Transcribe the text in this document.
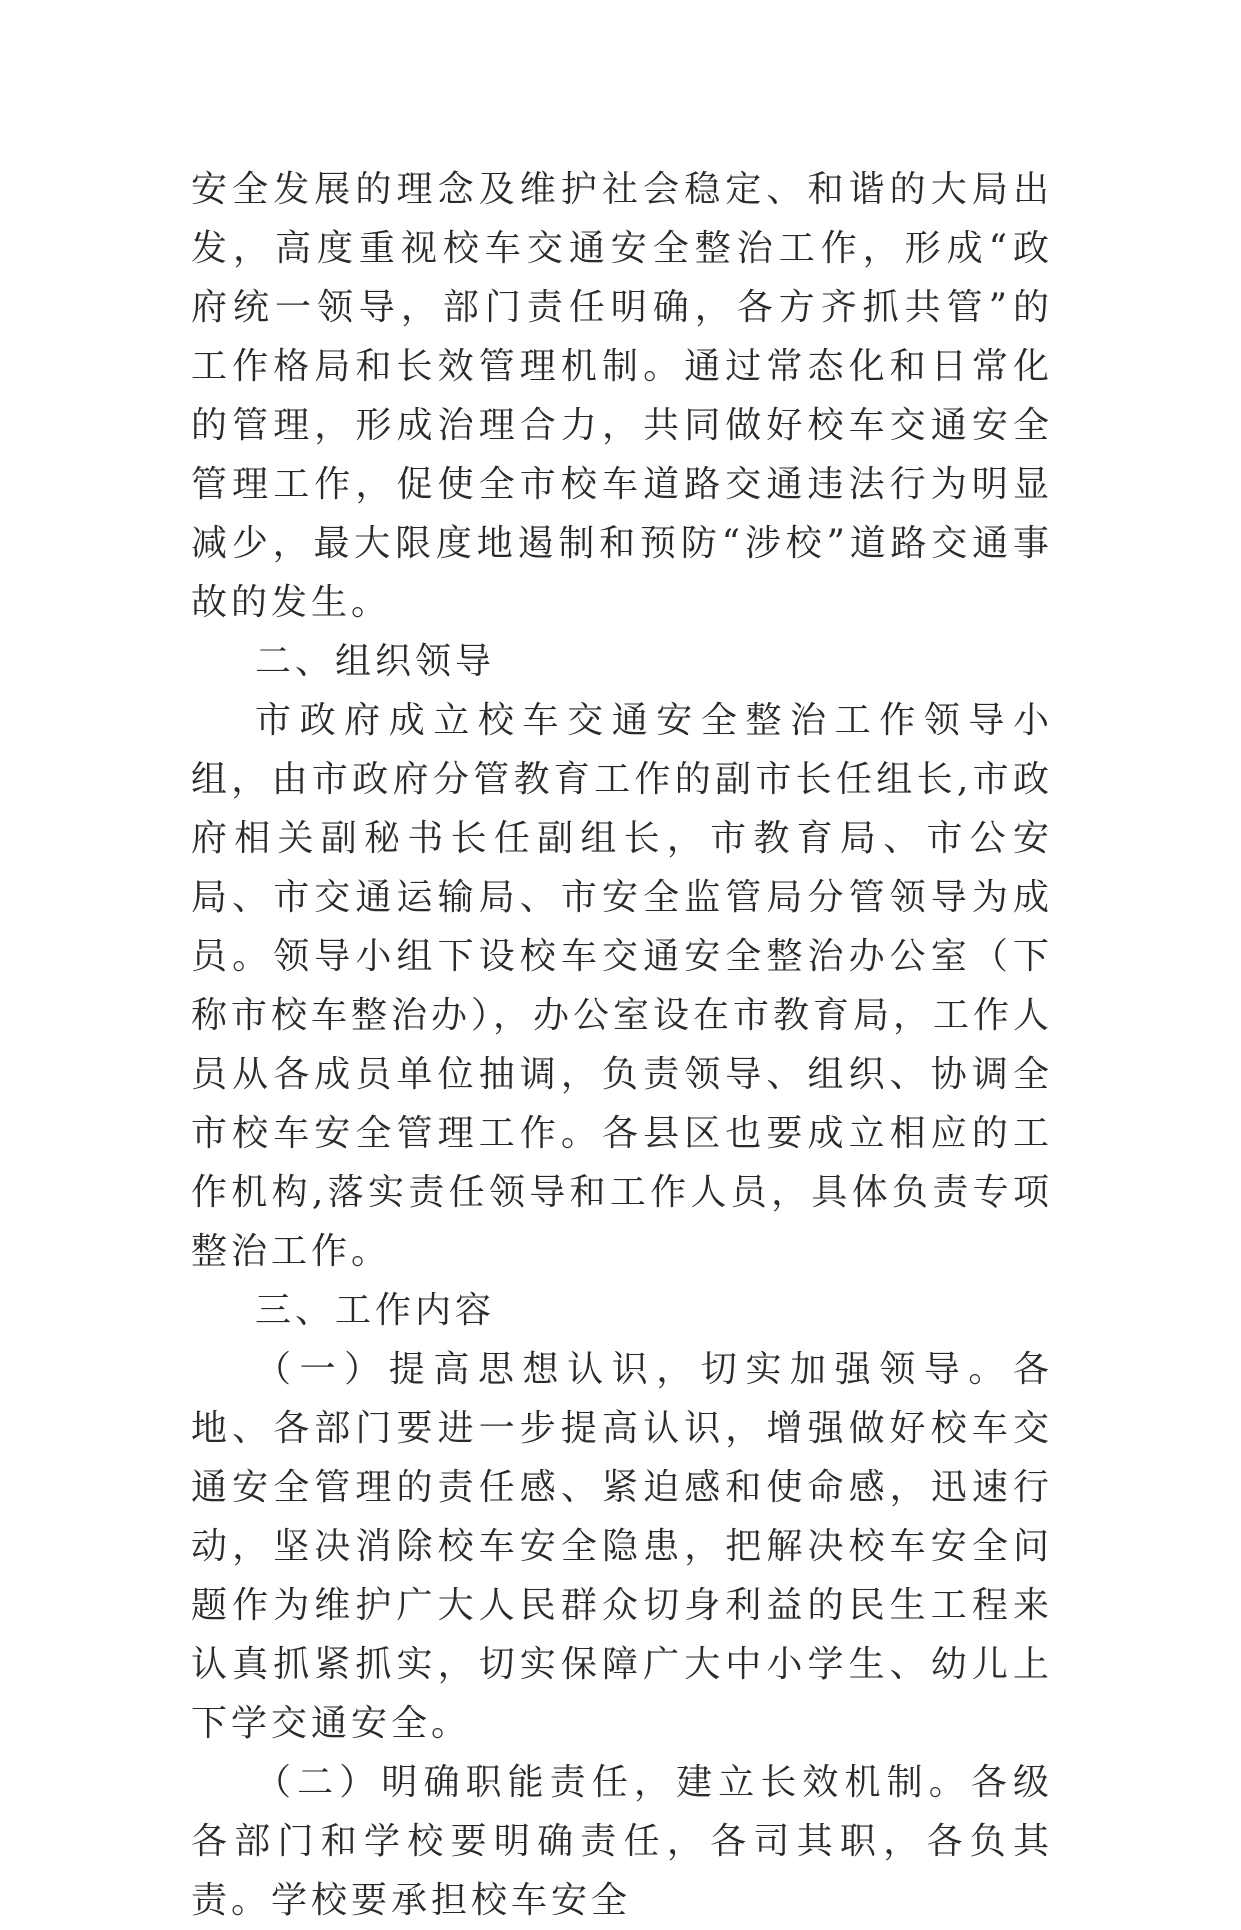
安全发展的理念及维护社会稳定、和谐的大局出发，高度重视校车交通安全整治工作，形成“政府统一领导，部门责任明确，各方齐抓共管”的工作格局和长效管理机制。通过常态化和日常化的管理，形成治理合力，共同做好校车交通安全管理工作，促使全市校车道路交通违法行为明显减少，最大限度地遏制和预防“涉校”道路交通事故的发生。

二、组织领导

市政府成立校车交通安全整治工作领导小组，由市政府分管教育工作的副市长任组长,市政府相关副秘书长任副组长，市教育局、市公安局、市交通运输局、市安全监管局分管领导为成员。领导小组下设校车交通安全整治办公室（下称市校车整治办），办公室设在市教育局，工作人员从各成员单位抽调，负责领导、组织、协调全市校车安全管理工作。各县区也要成立相应的工作机构,落实责任领导和工作人员，具体负责专项整治工作。

三、工作内容

（一）提高思想认识，切实加强领导。各地、各部门要进一步提高认识，增强做好校车交通安全管理的责任感、紧迫感和使命感，迅速行动，坚决消除校车安全隐患，把解决校车安全问题作为维护广大人民群众切身利益的民生工程来认真抓紧抓实，切实保障广大中小学生、幼儿上下学交通安全。

（二）明确职能责任，建立长效机制。各级各部门和学校要明确责任，各司其职，各负其责。学校要承担校车安全
